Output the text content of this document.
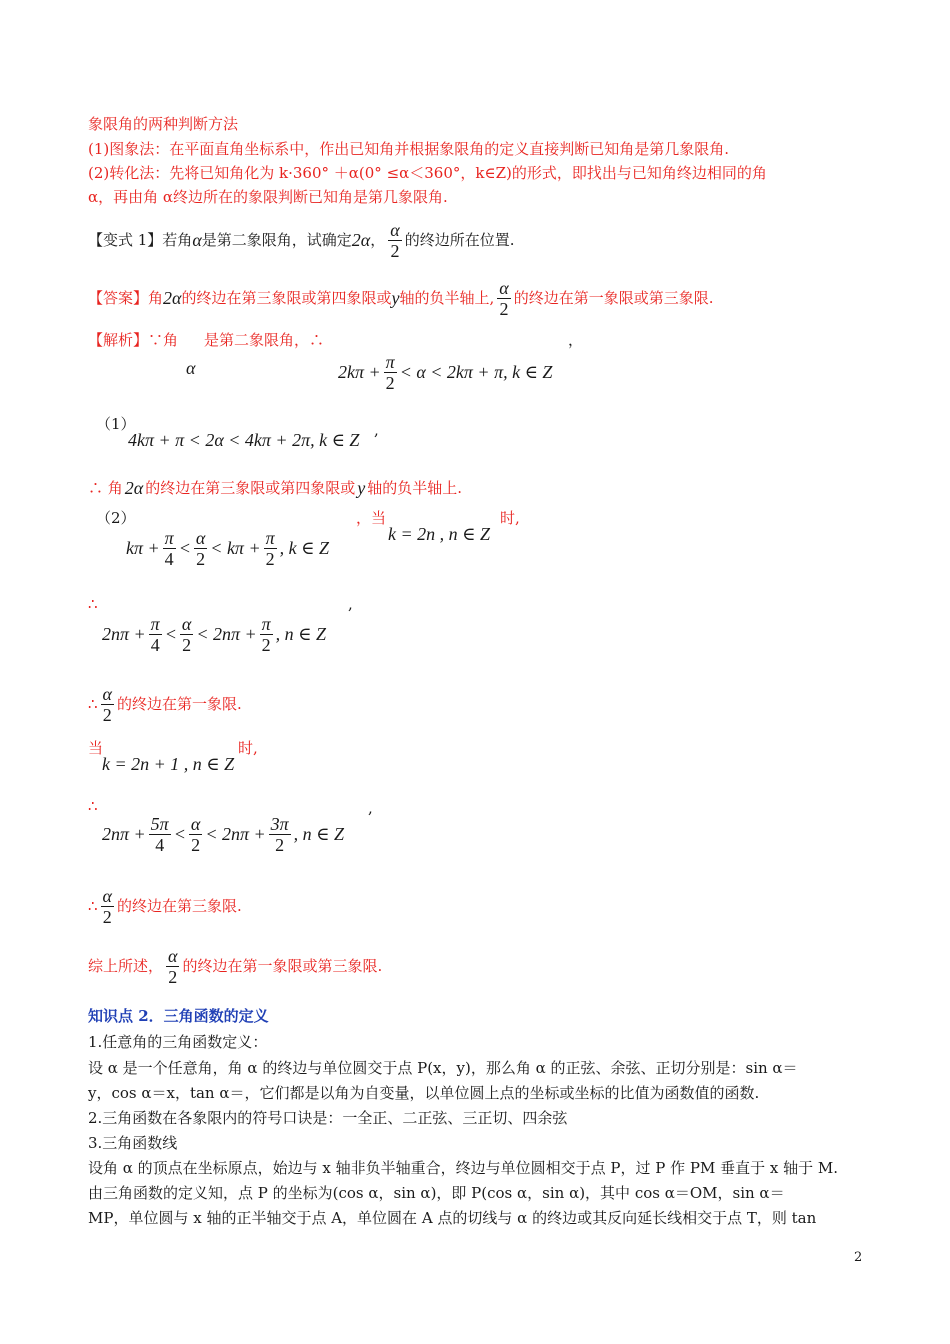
象限角的两种判断方法
(1)图象法：在平面直角坐标系中，作出已知角并根据象限角的定义直接判断已知角是第几象限角.
(2)转化法：先将已知角化为 k·360° ＋α(0° ≤α＜360°，k∈Z)的形式，即找出与已知角终边相同的角
α，再由角 α终边所在的象限判断已知角是第几象限角.
【变式 1】若角 α 是第二象限角，试确定 2α ， $\frac{\alpha}{2}$ 的终边所在位置.
【答案】角 2α 的终边在第三象限或第四象限或 y 轴的负半轴上, $\frac{\alpha}{2}$ 的终边在第一象限或第三象限.
【解析】∵角 是第二象限角，∴
α
，
$2k\pi + \frac{\pi}{2} < \alpha < 2k\pi + \pi$, k ∈ Z
（1）
4kπ + π < 2α < 4kπ + 2π, k ∈ Z ,
∴ 角 2α 的终边在第三象限或第四象限或 y 轴的负半轴上.
（2）
$k\pi + \frac{\pi}{4} < \frac{\alpha}{2} < k\pi + \frac{\pi}{2}$ , k ∈ Z
，当
k = 2n , n ∈ Z
时,
∴	,
$2n\pi + \frac{\pi}{4} < \frac{\alpha}{2} < 2n\pi + \frac{\pi}{2}$ , n ∈ Z
∴ $\frac{\alpha}{2}$ 的终边在第一象限.
当
k = 2n + 1 , n ∈ Z
时,
∴	,
$2n\pi + \frac{5\pi}{4} < \frac{\alpha}{2} < 2n\pi + \frac{3\pi}{2}$ , n ∈ Z
∴ $\frac{\alpha}{2}$ 的终边在第三象限.
综上所述， $\frac{\alpha}{2}$ 的终边在第一象限或第三象限.
知识点 2．三角函数的定义
1.任意角的三角函数定义：
设 α 是一个任意角，角 α 的终边与单位圆交于点 P(x，y)，那么角 α 的正弦、余弦、正切分别是：sin α＝
y，cos α＝x，tan α＝，它们都是以角为自变量，以单位圆上点的坐标或坐标的比值为函数值的函数.
2.三角函数在各象限内的符号口诀是：一全正、二正弦、三正切、四余弦
3.三角函数线
设角 α 的顶点在坐标原点，始边与 x 轴非负半轴重合，终边与单位圆相交于点 P，过 P 作 PM 垂直于 x 轴于 M.
由三角函数的定义知，点 P 的坐标为(cos α，sin α)，即 P(cos α，sin α)，其中 cos α＝OM，sin α＝
MP，单位圆与 x 轴的正半轴交于点 A，单位圆在 A 点的切线与 α 的终边或其反向延长线相交于点 T，则 tan
2
